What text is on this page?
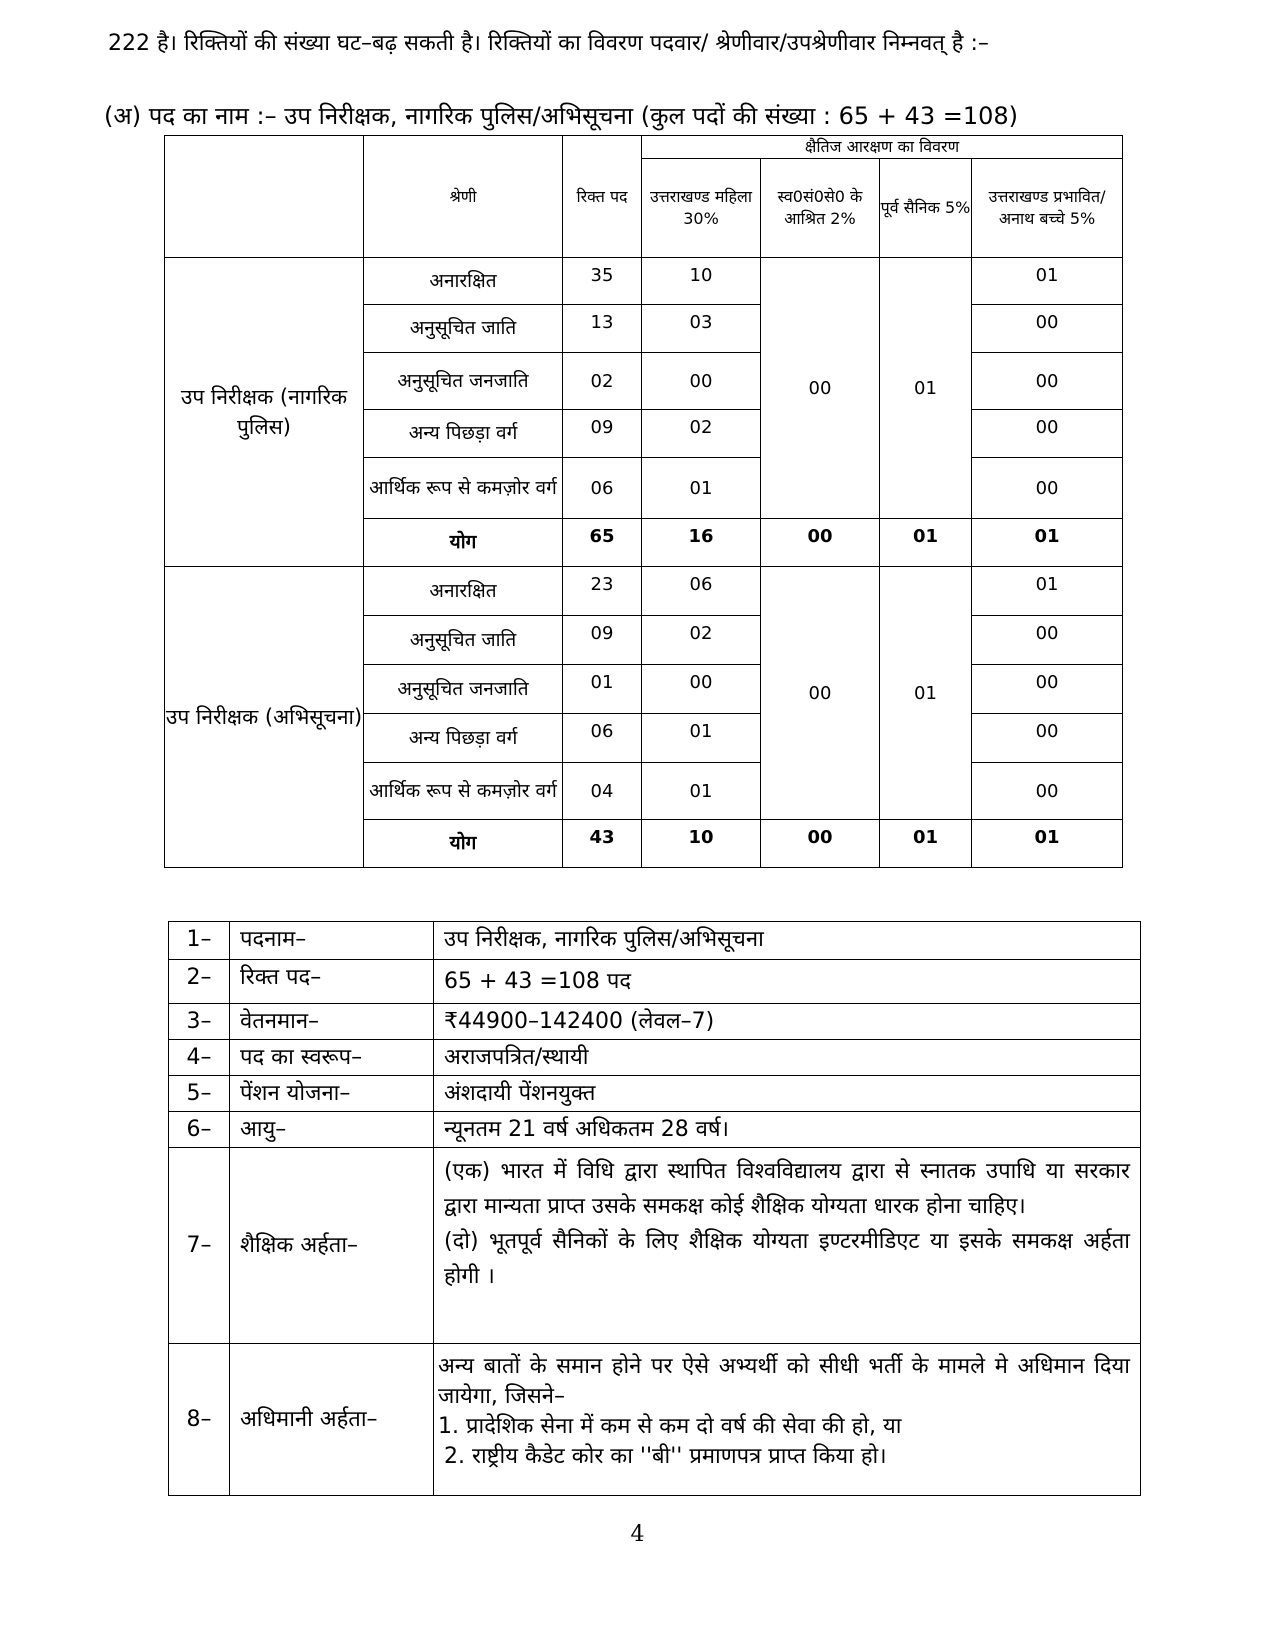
222 है। रिक्तियों की संख्या घट–बढ़ सकती है। रिक्तियों का विवरण पदवार/ श्रेणीवार/उपश्रेणीवार निम्नवत् है :–
(अ) पद का नाम :– उप निरीक्षक, नागरिक पुलिस/अभिसूचना (कुल पदों की संख्या : 65 + 43 =108)
	श्रेणी	रिक्त पद	क्षैतिज आरक्षण का विवरण			
			उत्तराखण्ड महिला 30%	स्व0सं0से0 के आश्रित 2%	पूर्व सैनिक 5%	उत्तराखण्ड प्रभावित/ अनाथ बच्चे 5%
उप निरीक्षक (नागरिक पुलिस)	अनारक्षित	35	10	00	01	01
	अनुसूचित जाति	13	03			00
	अनुसूचित जनजाति	02	00			00
	अन्य पिछड़ा वर्ग	09	02			00
	आर्थिक रूप से कमज़ोर वर्ग	06	01			00
	योग	65	16	00	01	01
उप निरीक्षक (अभिसूचना)	अनारक्षित	23	06	00	01	01
	अनुसूचित जाति	09	02			00
	अनुसूचित जनजाति	01	00			00
	अन्य पिछड़ा वर्ग	06	01			00
	आर्थिक रूप से कमज़ोर वर्ग	04	01			00
	योग	43	10	00	01	01
1–	पदनाम–	उप निरीक्षक, नागरिक पुलिस/अभिसूचना
2–	रिक्त पद–	65 + 43 =108 पद
3–	वेतनमान–	₹44900–142400 (लेवल–7)
4–	पद का स्वरूप–	अराजपत्रित/स्थायी
5–	पेंशन योजना–	अंशदायी पेंशनयुक्त
6–	आयु–	न्यूनतम 21 वर्ष अधिकतम 28 वर्ष।
7–	शैक्षिक अर्हता–	(एक) भारत में विधि द्वारा स्थापित विश्वविद्यालय द्वारा से स्नातक उपाधि या सरकार द्वारा मान्यता प्राप्त उसके समकक्ष कोई शैक्षिक योग्यता धारक होना चाहिए।
(दो) भूतपूर्व सैनिकों के लिए शैक्षिक योग्यता इण्टरमीडिएट या इसके समकक्ष अर्हता होगी ।

8–	अधिमानी अर्हता–	अन्य बातों के समान होने पर ऐसे अभ्यर्थी को सीधी भर्ती के मामले मे अधिमान दिया जायेगा, जिसने–
1. प्रादेशिक सेना में कम से कम दो वर्ष की सेवा की हो, या
2. राष्ट्रीय कैडेट कोर का ''बी'' प्रमाणपत्र प्राप्त किया हो।
4
